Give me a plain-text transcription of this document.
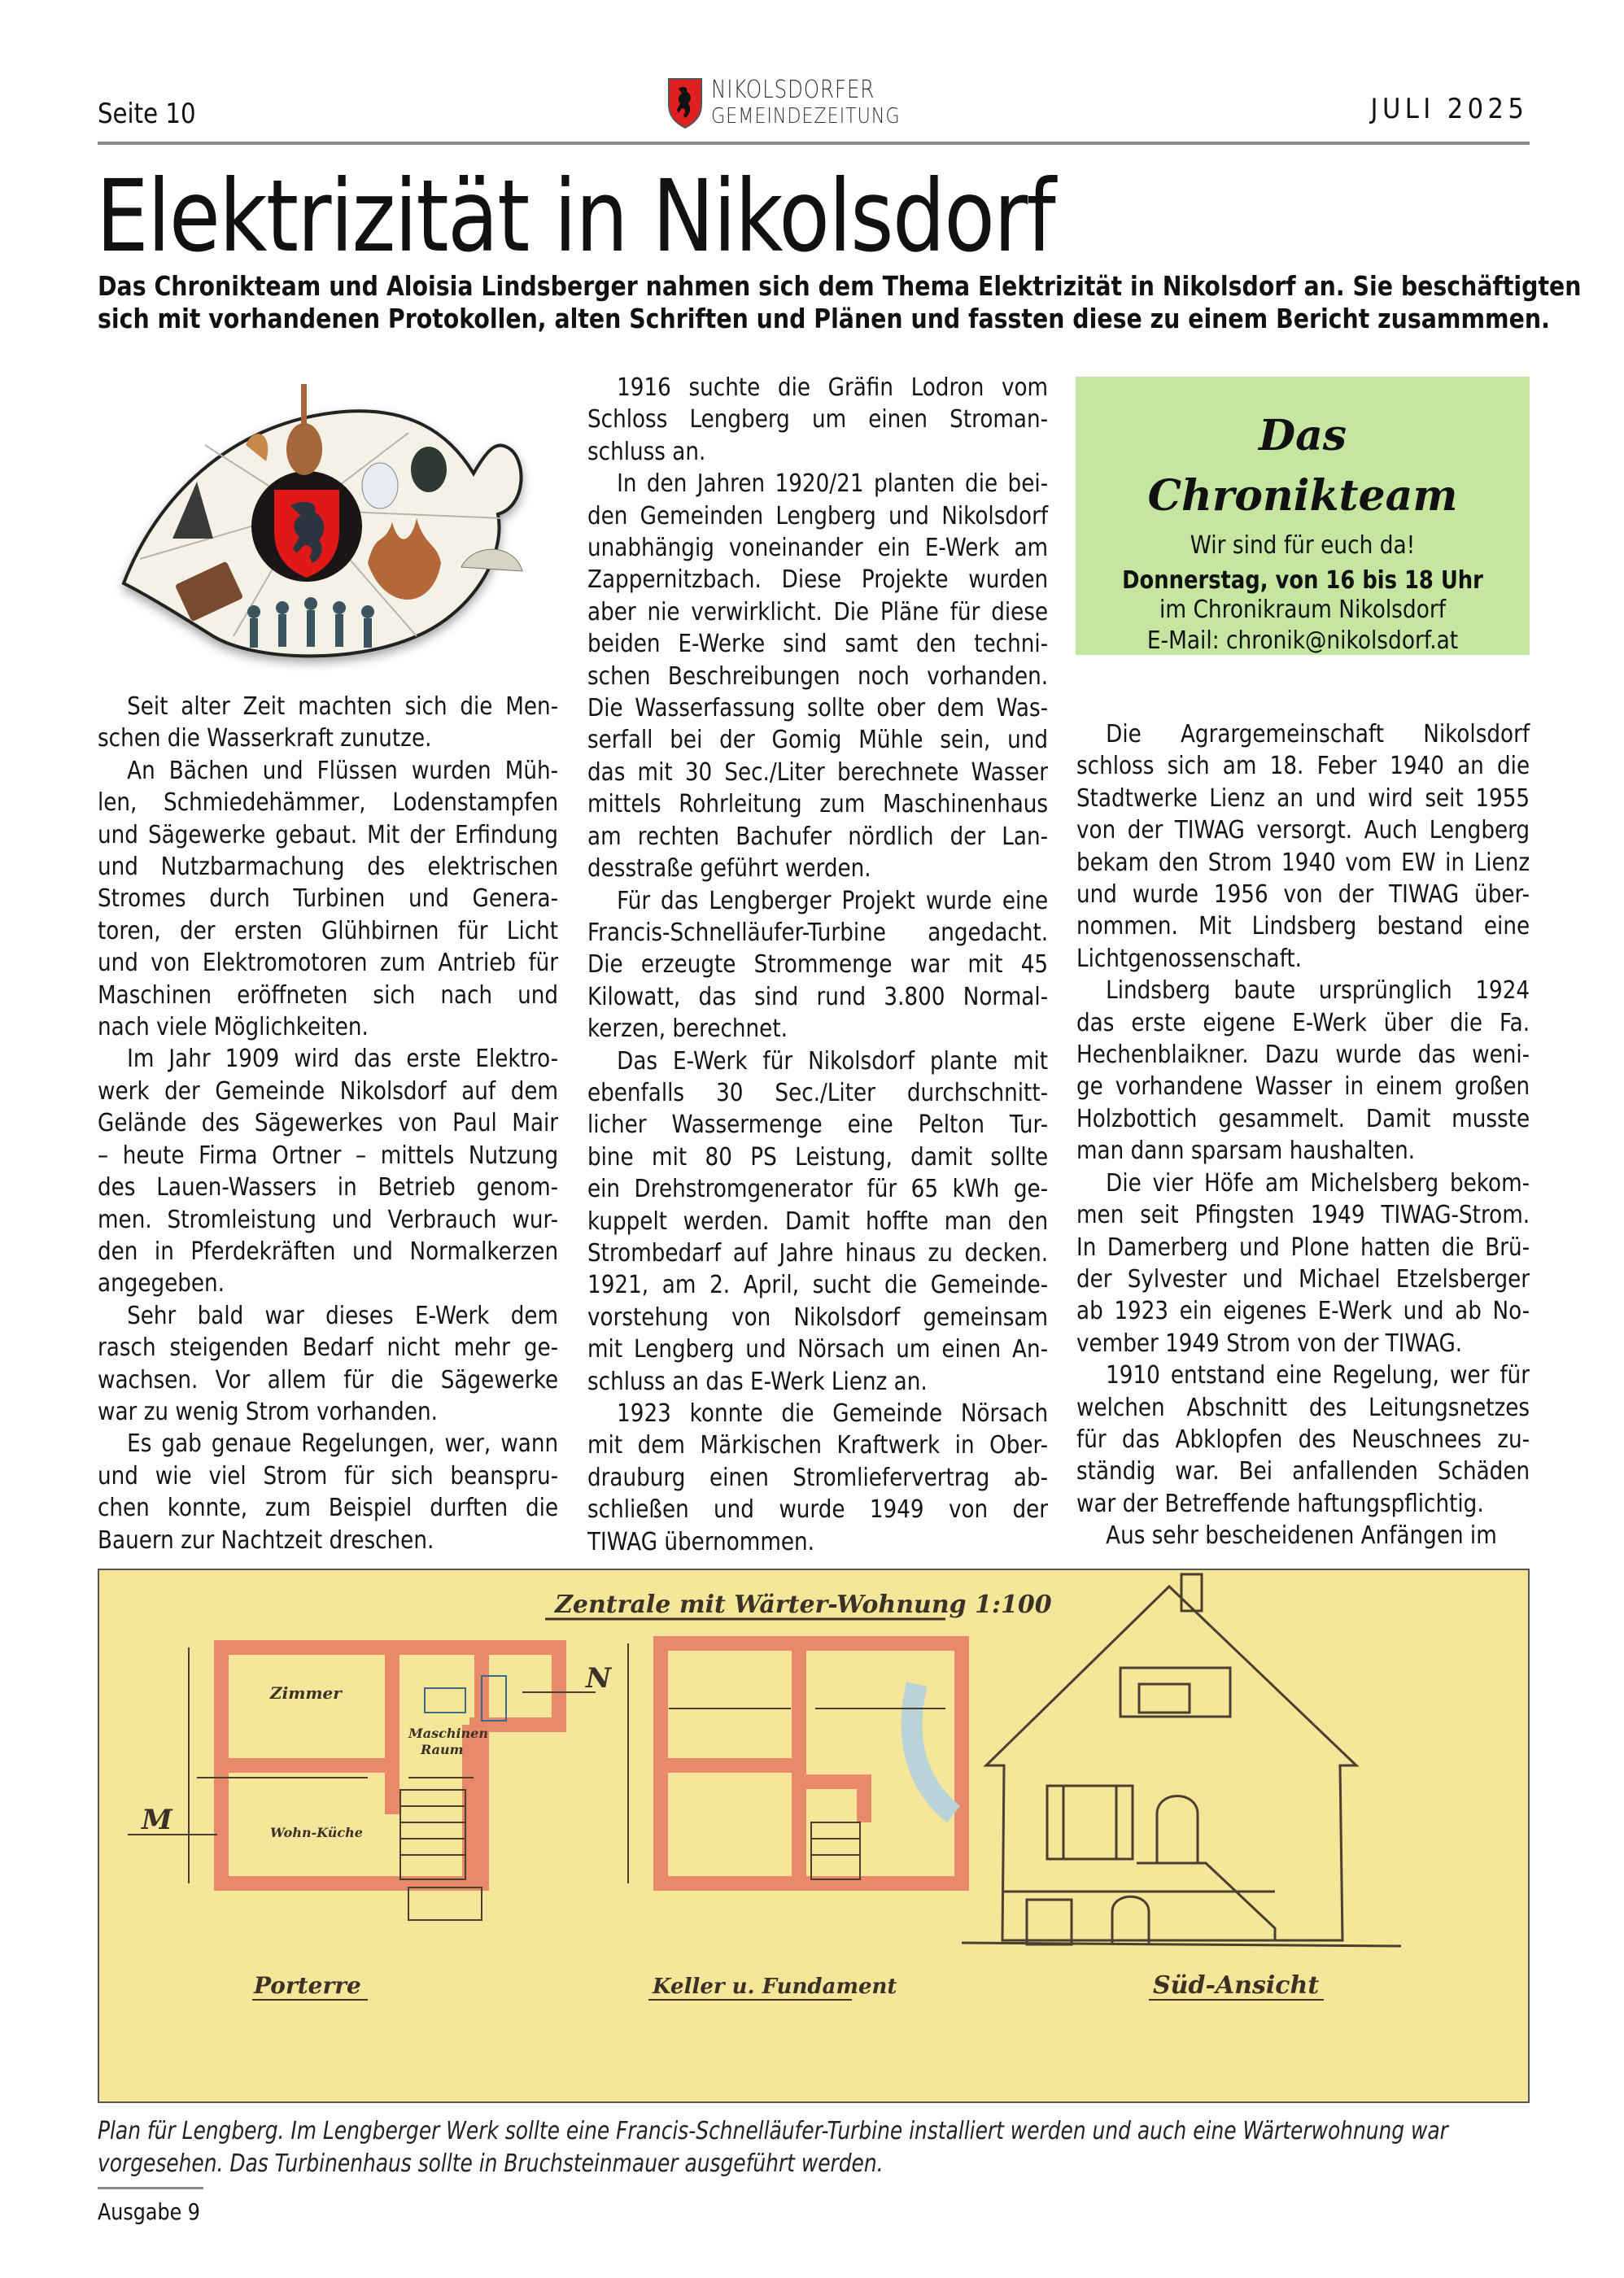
Seite 10
NIKOLSDORFER
GEMEINDEZEITUNG	JULI 2025
Elektrizität in Nikolsdorf
Das Chronikteam und Aloisia Lindsberger nahmen sich dem Thema Elektrizität in Nikolsdorf an. Sie beschäftigten
sich mit vorhandenen Protokollen, alten Schriften und Plänen und fassten diese zu einem Bericht zusammmen.
Seit alter Zeit machten sich die Men-
schen die Wasserkraft zunutze.
An Bächen und Flüssen wurden Müh-
len, Schmiedehämmer, Lodenstampfen
und Sägewerke gebaut. Mit der Erfindung
und Nutzbarmachung des elektrischen
Stromes durch Turbinen und Genera-
toren, der ersten Glühbirnen für Licht
und von Elektromotoren zum Antrieb für
Maschinen eröffneten sich nach und
nach viele Möglichkeiten.
Im Jahr 1909 wird das erste Elektro-
werk der Gemeinde Nikolsdorf auf dem
Gelände des Sägewerkes von Paul Mair
– heute Firma Ortner – mittels Nutzung
des Lauen-Wassers in Betrieb genom-
men. Stromleistung und Verbrauch wur-
den in Pferdekräften und Normalkerzen
angegeben.
Sehr bald war dieses E-Werk dem
rasch steigenden Bedarf nicht mehr ge-
wachsen. Vor allem für die Sägewerke
war zu wenig Strom vorhanden.
Es gab genaue Regelungen, wer, wann
und wie viel Strom für sich beanspru-
chen konnte, zum Beispiel durften die
Bauern zur Nachtzeit dreschen.
1916 suchte die Gräfin Lodron vom
Schloss Lengberg um einen Stroman-
schluss an.
In den Jahren 1920/21 planten die bei-
den Gemeinden Lengberg und Nikolsdorf
unabhängig voneinander ein E-Werk am
Zappernitzbach. Diese Projekte wurden
aber nie verwirklicht. Die Pläne für diese
beiden E-Werke sind samt den techni-
schen Beschreibungen noch vorhanden.
Die Wasserfassung sollte ober dem Was-
serfall bei der Gomig Mühle sein, und
das mit 30 Sec./Liter berechnete Wasser
mittels Rohrleitung zum Maschinenhaus
am rechten Bachufer nördlich der Lan-
desstraße geführt werden.
Für das Lengberger Projekt wurde eine
Francis-Schnelläufer-Turbine angedacht.
Die erzeugte Strommenge war mit 45
Kilowatt, das sind rund 3.800 Normal-
kerzen, berechnet.
Das E-Werk für Nikolsdorf plante mit
ebenfalls 30 Sec./Liter durchschnitt-
licher Wassermenge eine Pelton Tur-
bine mit 80 PS Leistung, damit sollte
ein Drehstromgenerator für 65 kWh ge-
kuppelt werden. Damit hoffte man den
Strombedarf auf Jahre hinaus zu decken.
1921, am 2. April, sucht die Gemeinde-
vorstehung von Nikolsdorf gemeinsam
mit Lengberg und Nörsach um einen An-
schluss an das E-Werk Lienz an.
1923 konnte die Gemeinde Nörsach
mit dem Märkischen Kraftwerk in Ober-
drauburg einen Stromliefervertrag ab-
schließen und wurde 1949 von der
TIWAG übernommen.
Die Agrargemeinschaft Nikolsdorf
schloss sich am 18. Feber 1940 an die
Stadtwerke Lienz an und wird seit 1955
von der TIWAG versorgt. Auch Lengberg
bekam den Strom 1940 vom EW in Lienz
und wurde 1956 von der TIWAG über-
nommen. Mit Lindsberg bestand eine
Lichtgenossenschaft.
Lindsberg baute ursprünglich 1924
das erste eigene E-Werk über die Fa.
Hechenblaikner. Dazu wurde das weni-
ge vorhandene Wasser in einem großen
Holzbottich gesammelt. Damit musste
man dann sparsam haushalten.
Die vier Höfe am Michelsberg bekom-
men seit Pfingsten 1949 TIWAG-Strom.
In Damerberg und Plone hatten die Brü-
der Sylvester und Michael Etzelsberger
ab 1923 ein eigenes E-Werk und ab No-
vember 1949 Strom von der TIWAG.
1910 entstand eine Regelung, wer für
welchen Abschnitt des Leitungsnetzes
für das Abklopfen des Neuschnees zu-
ständig war. Bei anfallenden Schäden
war der Betreffende haftungspflichtig.
Aus sehr bescheidenen Anfängen im
Das
Chronikteam
Wir sind für euch da!
Donnerstag, von 16 bis 18 Uhr
im Chronikraum Nikolsdorf
E-Mail: chronik@nikolsdorf.at
Zentrale mit Wärter-Wohnung 1:100
Zimmer
Maschinen
Raum
Wohn-Küche
M
N
Porterre	Keller u. Fundament	Süd-Ansicht
Plan für Lengberg. Im Lengberger Werk sollte eine Francis-Schnelläufer-Turbine installiert werden und auch eine Wärterwohnung war
vorgesehen. Das Turbinenhaus sollte in Bruchsteinmauer ausgeführt werden.
Ausgabe 9
